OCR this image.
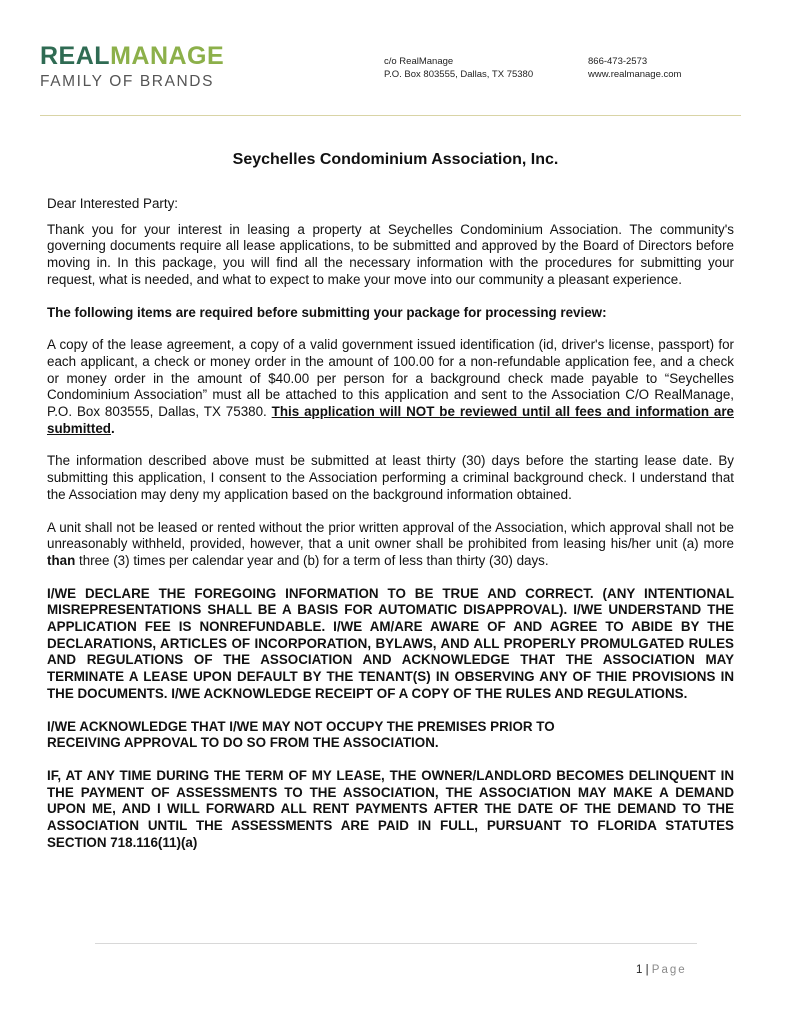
REALMANAGE
FAMILY OF BRANDS
c/o RealManage
P.O. Box 803555, Dallas, TX 75380
866-473-2573
www.realmanage.com
Seychelles Condominium Association, Inc.

Dear Interested Party:

Thank you for your interest in leasing a property at Seychelles Condominium Association. The community's governing documents require all lease applications, to be submitted and approved by the Board of Directors before moving in. In this package, you will find all the necessary information with the procedures for submitting your request, what is needed, and what to expect to make your move into our community a pleasant experience.

The following items are required before submitting your package for processing review:

A copy of the lease agreement, a copy of a valid government issued identification (id, driver's license, passport) for each applicant, a check or money order in the amount of 100.00 for a non-refundable application fee, and a check or money order in the amount of $40.00 per person for a background check made payable to “Seychelles Condominium Association” must all be attached to this application and sent to the Association C/O RealManage, P.O. Box 803555, Dallas, TX 75380. This application will NOT be reviewed until all fees and information are submitted.

The information described above must be submitted at least thirty (30) days before the starting lease date. By submitting this application, I consent to the Association performing a criminal background check. I understand that the Association may deny my application based on the background information obtained.

A unit shall not be leased or rented without the prior written approval of the Association, which approval shall not be unreasonably withheld, provided, however, that a unit owner shall be prohibited from leasing his/her unit (a) more than three (3) times per calendar year and (b) for a term of less than thirty (30) days.

I/WE DECLARE THE FOREGOING INFORMATION TO BE TRUE AND CORRECT. (ANY INTENTIONAL MISREPRESENTATIONS SHALL BE A BASIS FOR AUTOMATIC DISAPPROVAL). I/WE UNDERSTAND THE APPLICATION FEE IS NONREFUNDABLE. I/WE AM/ARE AWARE OF AND AGREE TO ABIDE BY THE DECLARATIONS, ARTICLES OF INCORPORATION, BYLAWS, AND ALL PROPERLY PROMULGATED RULES AND REGULATIONS OF THE ASSOCIATION AND ACKNOWLEDGE THAT THE ASSOCIATION MAY TERMINATE A LEASE UPON DEFAULT BY THE TENANT(S) IN OBSERVING ANY OF THIE PROVISIONS IN THE DOCUMENTS. I/WE ACKNOWLEDGE RECEIPT OF A COPY OF THE RULES AND REGULATIONS.

I/WE ACKNOWLEDGE THAT I/WE MAY NOT OCCUPY THE PREMISES PRIOR TO
RECEIVING APPROVAL TO DO SO FROM THE ASSOCIATION.

IF, AT ANY TIME DURING THE TERM OF MY LEASE, THE OWNER/LANDLORD BECOMES DELINQUENT IN THE PAYMENT OF ASSESSMENTS TO THE ASSOCIATION, THE ASSOCIATION MAY MAKE A DEMAND UPON ME, AND I WILL FORWARD ALL RENT PAYMENTS AFTER THE DATE OF THE DEMAND TO THE ASSOCIATION UNTIL THE ASSESSMENTS ARE PAID IN FULL, PURSUANT TO FLORIDA STATUTES SECTION 718.116(11)(a)

1 | Page
